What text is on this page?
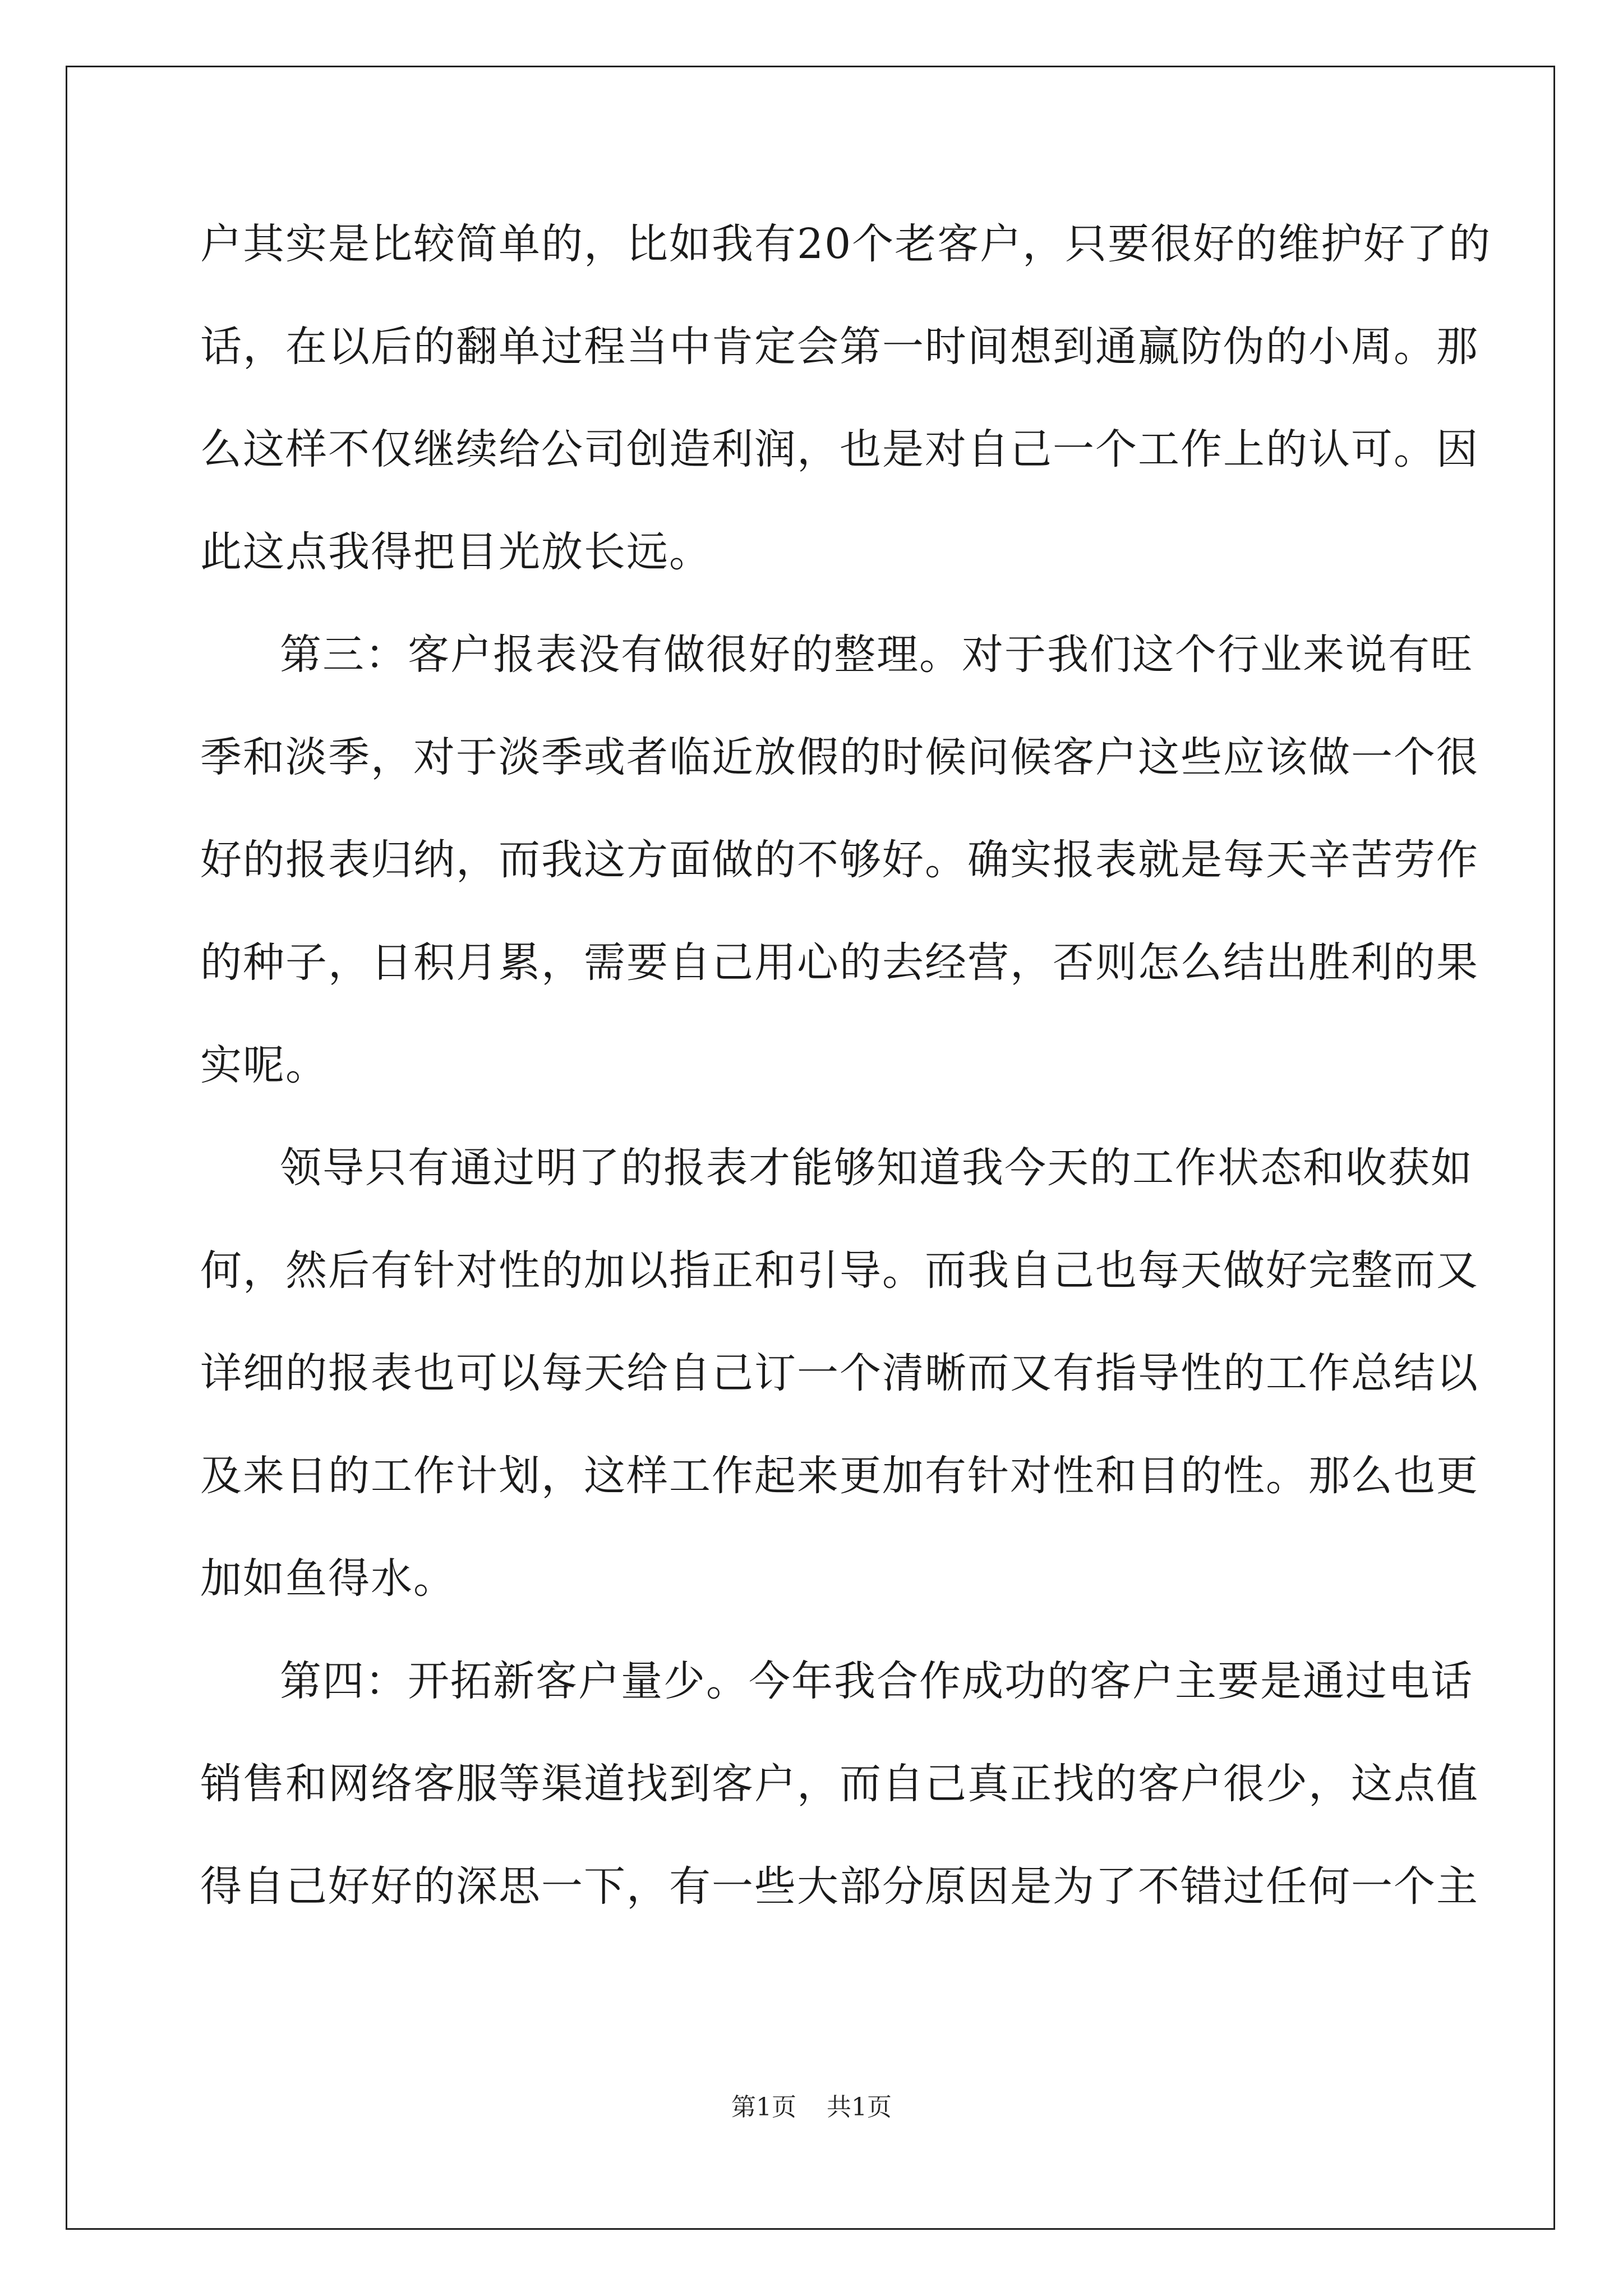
户其实是比较简单的，比如我有20个老客户，只要很好的维护好了的
话，在以后的翻单过程当中肯定会第一时间想到通赢防伪的小周。那
么这样不仅继续给公司创造利润，也是对自己一个工作上的认可。因
此这点我得把目光放长远。
第三：客户报表没有做很好的整理。对于我们这个行业来说有旺
季和淡季，对于淡季或者临近放假的时候问候客户这些应该做一个很
好的报表归纳，而我这方面做的不够好。确实报表就是每天辛苦劳作
的种子，日积月累，需要自己用心的去经营，否则怎么结出胜利的果
实呢。
领导只有通过明了的报表才能够知道我今天的工作状态和收获如
何，然后有针对性的加以指正和引导。而我自己也每天做好完整而又
详细的报表也可以每天给自己订一个清晰而又有指导性的工作总结以
及来日的工作计划，这样工作起来更加有针对性和目的性。那么也更
加如鱼得水。
第四：开拓新客户量少。今年我合作成功的客户主要是通过电话
销售和网络客服等渠道找到客户，而自己真正找的客户很少，这点值
得自己好好的深思一下，有一些大部分原因是为了不错过任何一个主
第1页 共1页
